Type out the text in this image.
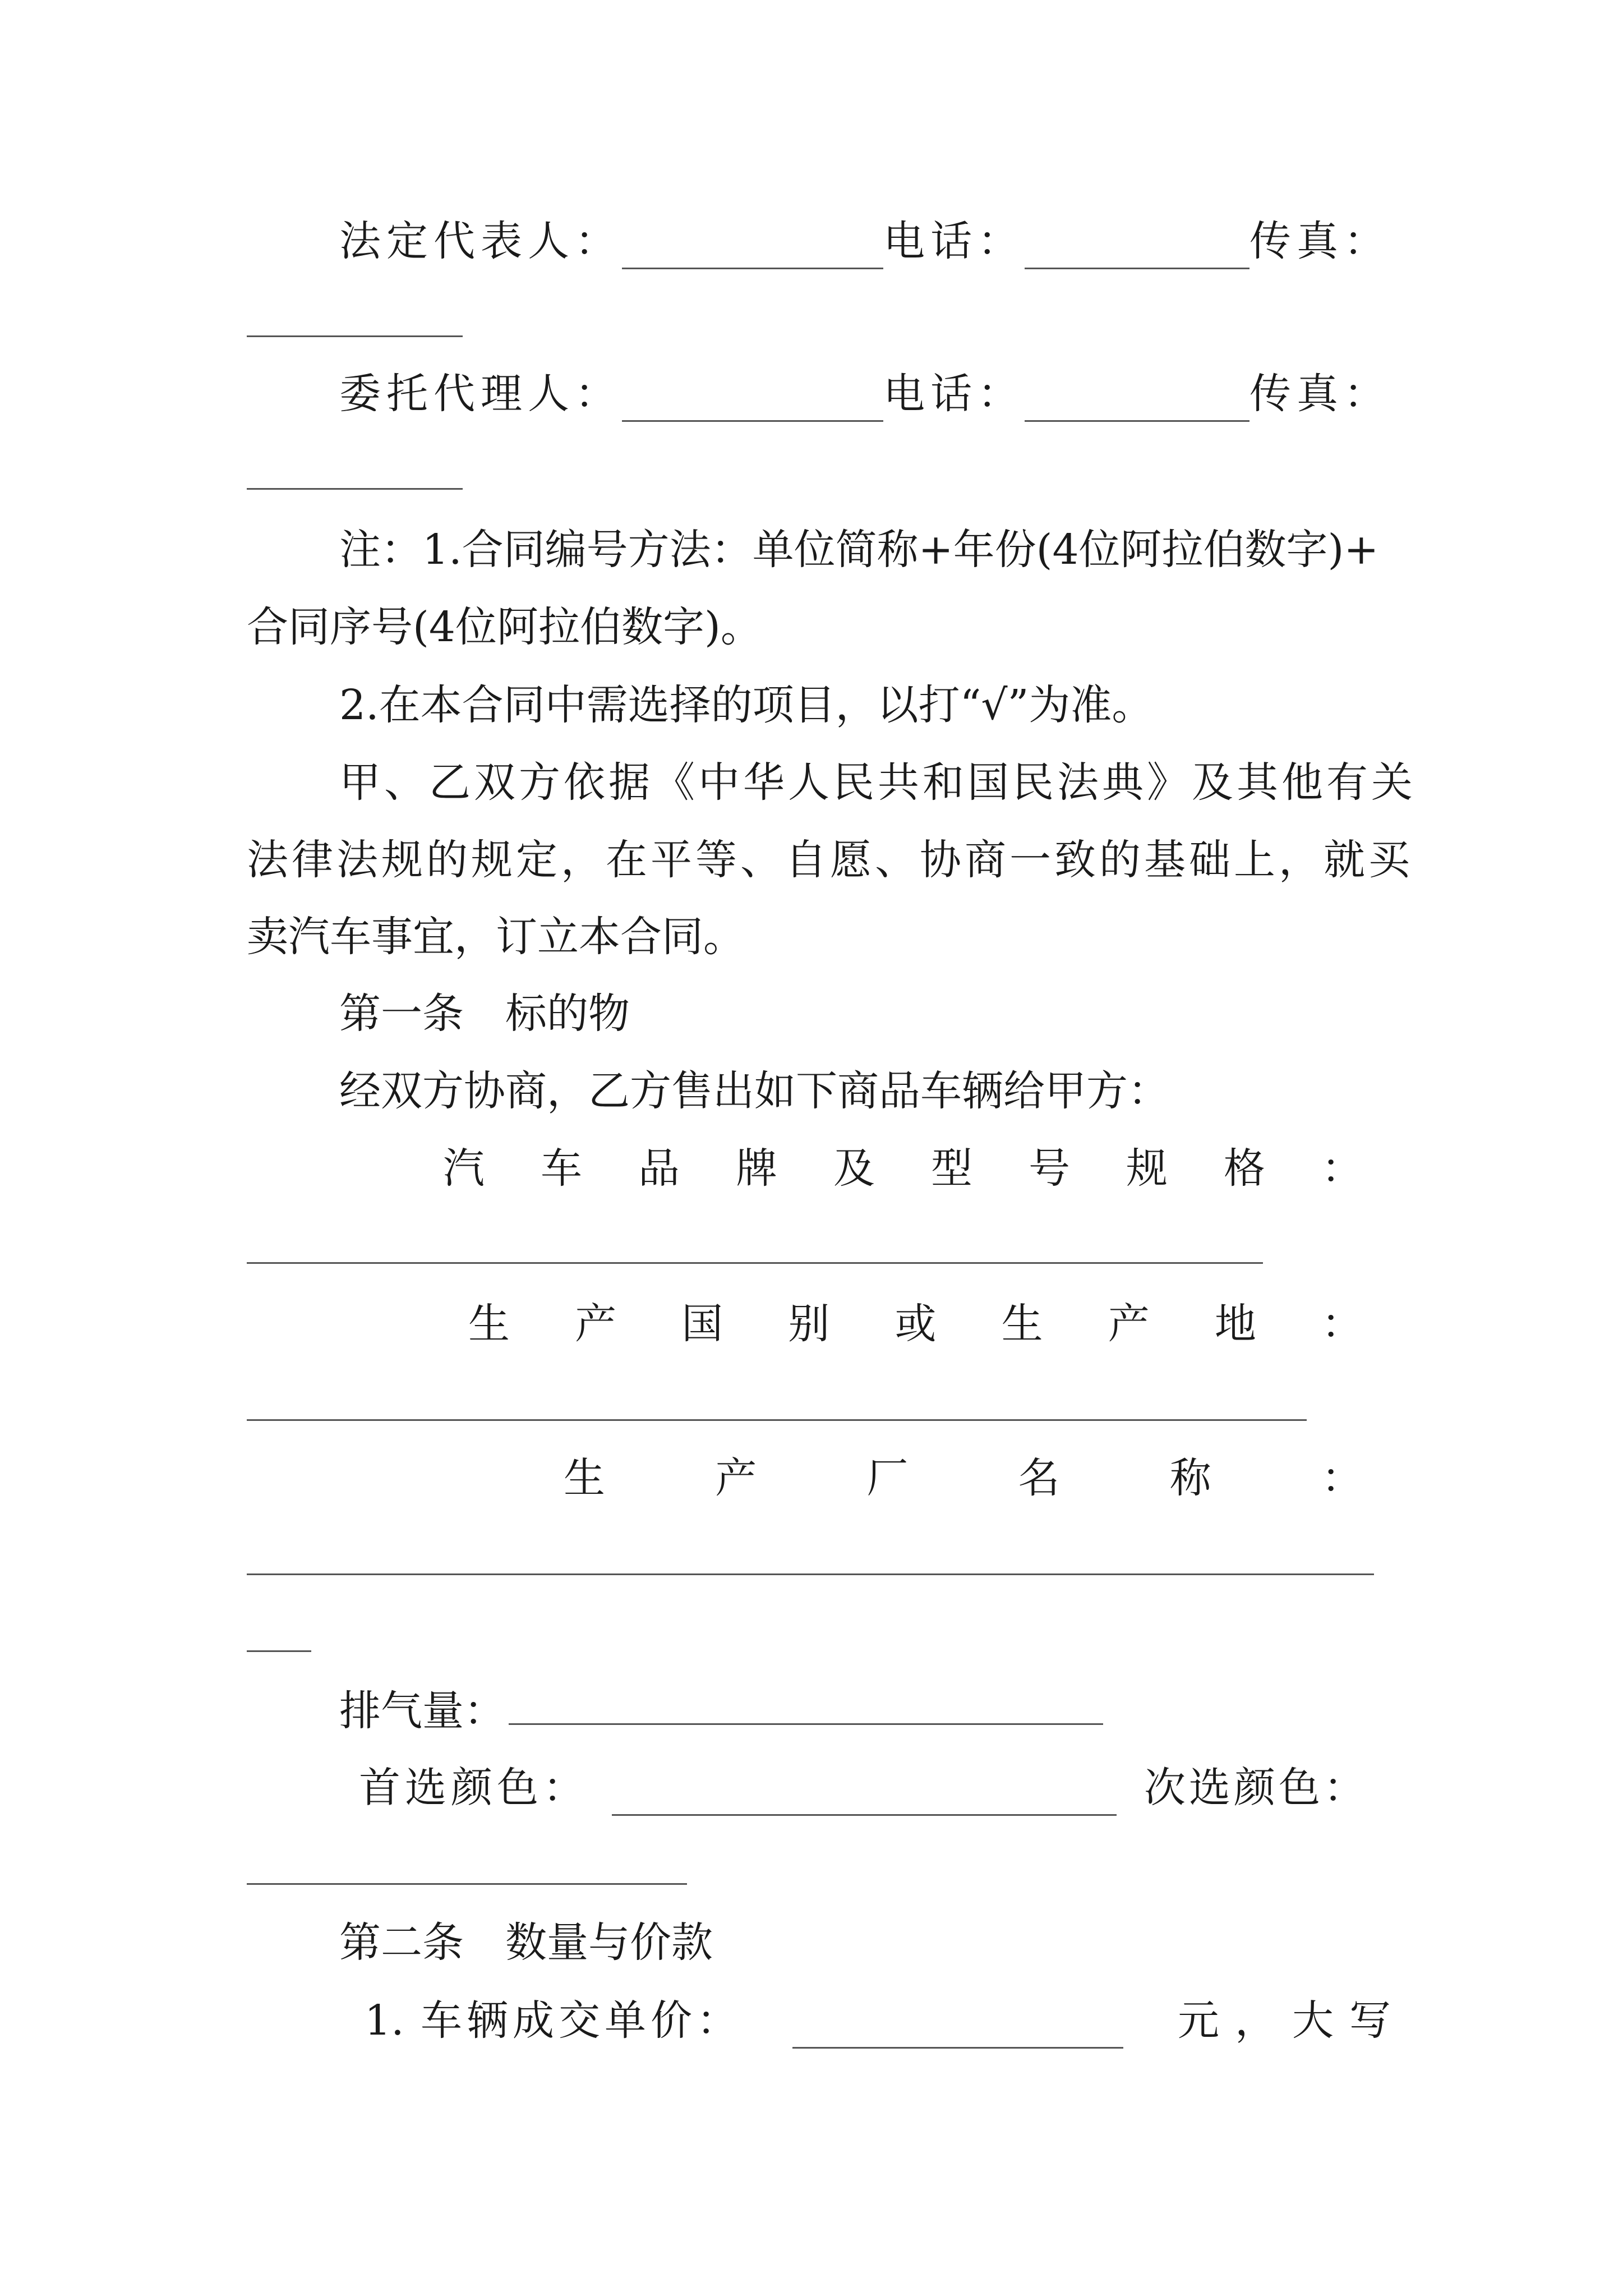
法定代表人：	电话：	传真：
委托代理人：	电话：	传真：
注：1.合同编号方法：单位简称+年份(4位阿拉伯数字)+
合同序号(4位阿拉伯数字)。
2.在本合同中需选择的项目，以打“√”为准。
甲、乙双方依据《中华人民共和国民法典》及其他有关
法律法规的规定，在平等、自愿、协商一致的基础上，就买
卖汽车事宜，订立本合同。
第一条　标的物
经双方协商，乙方售出如下商品车辆给甲方：
汽 车 品 牌 及 型 号 规 格 ：
生 产 国 别 或 生 产 地 ：
生	产	厂	名	称	：
排气量：
首 选 颜 色 ：	次 选 颜 色 ：
第二条　数量与价款
1. 车 辆 成 交 单 价 ：	元 ， 大 写
